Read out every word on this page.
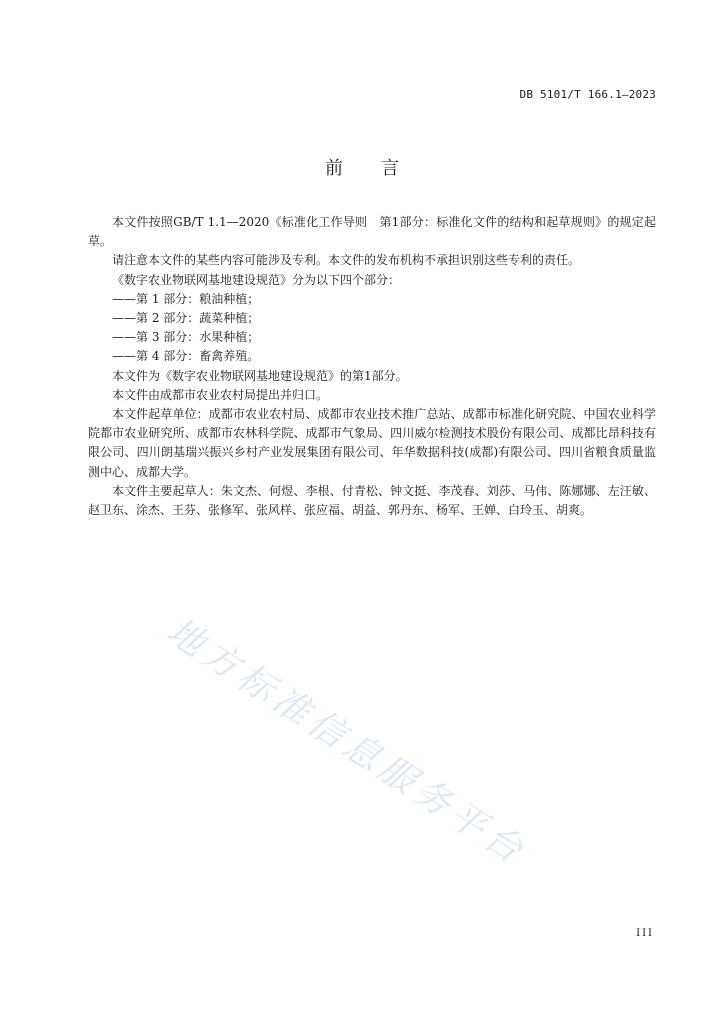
DB 5101/T 166.1—2023
前言

本文件按照GB/T 1.1—2020《标准化工作导则　第1部分：标准化文件的结构和起草规则》的规定起草。

请注意本文件的某些内容可能涉及专利。本文件的发布机构不承担识别这些专利的责任。

《数字农业物联网基地建设规范》分为以下四个部分：

——第 1 部分：粮油种植；

——第 2 部分：蔬菜种植；

——第 3 部分：水果种植；

——第 4 部分：畜禽养殖。

本文件为《数字农业物联网基地建设规范》的第1部分。

本文件由成都市农业农村局提出并归口。

本文件起草单位：成都市农业农村局、成都市农业技术推广总站、成都市标准化研究院、中国农业科学院都市农业研究所、成都市农林科学院、成都市气象局、四川威尔检测技术股份有限公司、成都比昂科技有限公司、四川朗基瑞兴振兴乡村产业发展集团有限公司、年华数据科技(成都)有限公司、四川省粮食质量监测中心、成都大学。

本文件主要起草人：朱文杰、何煜、李根、付青松、钟文挺、李茂春、刘莎、马伟、陈娜娜、左汪敏、赵卫东、涂杰、王芬、张修军、张风样、张应福、胡益、郭丹东、杨军、王婵、白玲玉、胡爽。

地方标准信息服务平台
III
